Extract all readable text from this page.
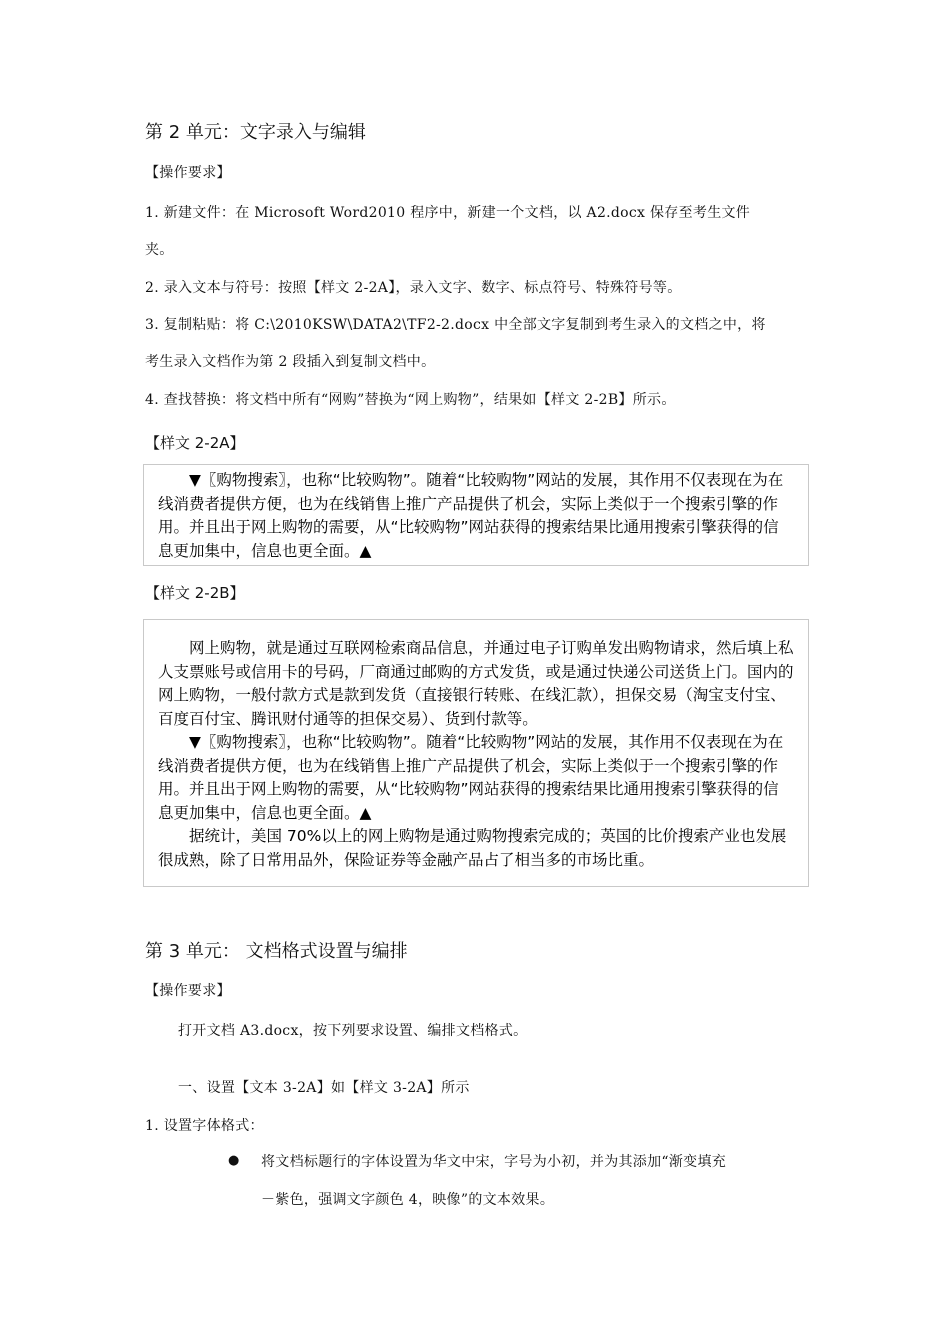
第 2 单元：文字录入与编辑
【操作要求】
1. 新建文件：在 Microsoft Word2010 程序中，新建一个文档，以 A2.docx 保存至考生文件
夹。
2. 录入文本与符号：按照【样文 2-2A】，录入文字、数字、标点符号、特殊符号等。
3. 复制粘贴：将 C:\2010KSW\DATA2\TF2-2.docx 中全部文字复制到考生录入的文档之中，将
考生录入文档作为第 2 段插入到复制文档中。
4. 查找替换：将文档中所有“网购”替换为“网上购物”，结果如【样文 2-2B】所示。
【样文 2-2A】

▼〖购物搜索〗，也称“比较购物”。随着“比较购物”网站的发展，其作用不仅表现在为在线消费者提供方便，也为在线销售上推广产品提供了机会，实际上类似于一个搜索引擎的作用。并且出于网上购物的需要，从“比较购物”网站获得的搜索结果比通用搜索引擎获得的信息更加集中，信息也更全面。▲

【样文 2-2B】

网上购物，就是通过互联网检索商品信息，并通过电子订购单发出购物请求，然后填上私人支票账号或信用卡的号码，厂商通过邮购的方式发货，或是通过快递公司送货上门。国内的网上购物，一般付款方式是款到发货（直接银行转账、在线汇款），担保交易（淘宝支付宝、百度百付宝、腾讯财付通等的担保交易）、货到付款等。

▼〖购物搜索〗，也称“比较购物”。随着“比较购物”网站的发展，其作用不仅表现在为在线消费者提供方便，也为在线销售上推广产品提供了机会，实际上类似于一个搜索引擎的作用。并且出于网上购物的需要，从“比较购物”网站获得的搜索结果比通用搜索引擎获得的信息更加集中，信息也更全面。▲

据统计，美国 70%以上的网上购物是通过购物搜索完成的；英国的比价搜索产业也发展很成熟，除了日常用品外，保险证券等金融产品占了相当多的市场比重。

第 3 单元： 文档格式设置与编排
【操作要求】
打开文档 A3.docx，按下列要求设置、编排文档格式。
一、设置【文本 3-2A】如【样文 3-2A】所示
1. 设置字体格式：
● 将文档标题行的字体设置为华文中宋，字号为小初，并为其添加“渐变填充
－紫色，强调文字颜色 4，映像”的文本效果。
